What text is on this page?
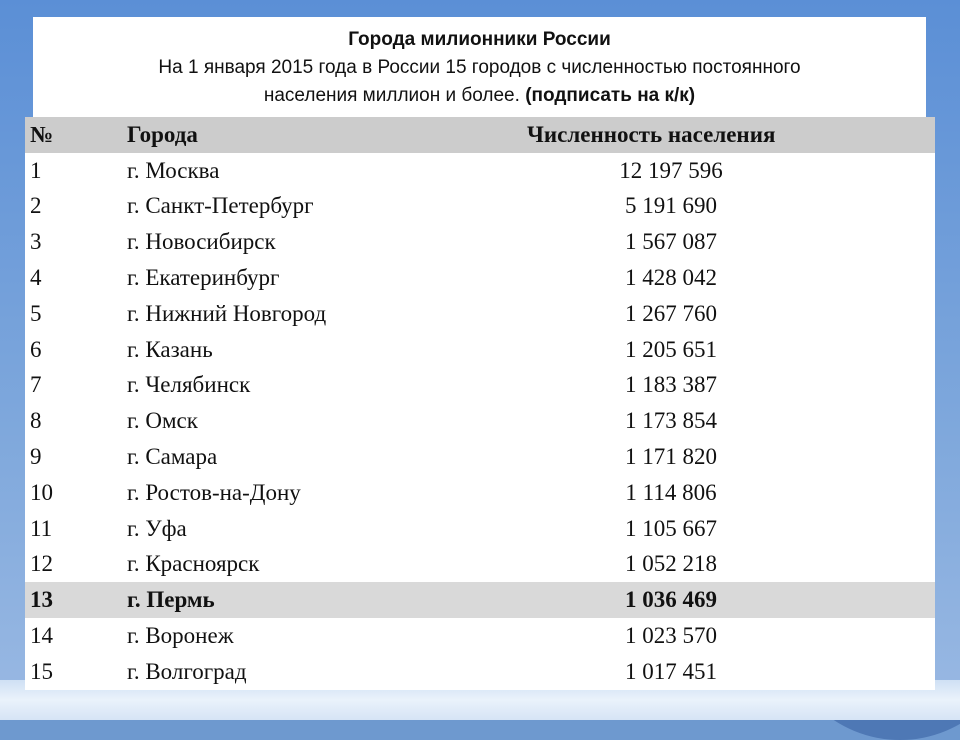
Города милионники России
На 1 января 2015 года в России 15 городов с численностью постоянного
населения миллион и более. (подписать на к/к)
№	Города	Численность населения
1	г. Москва	12 197 596
2	г. Санкт-Петербург	5 191 690
3	г. Новосибирск	1 567 087
4	г. Екатеринбург	1 428 042
5	г. Нижний Новгород	1 267 760
6	г. Казань	1 205 651
7	г. Челябинск	1 183 387
8	г. Омск	1 173 854
9	г. Самара	1 171 820
10	г. Ростов-на-Дону	1 114 806
11	г. Уфа	1 105 667
12	г. Красноярск	1 052 218
13	г. Пермь	1 036 469
14	г. Воронеж	1 023 570
15	г. Волгоград	1 017 451
